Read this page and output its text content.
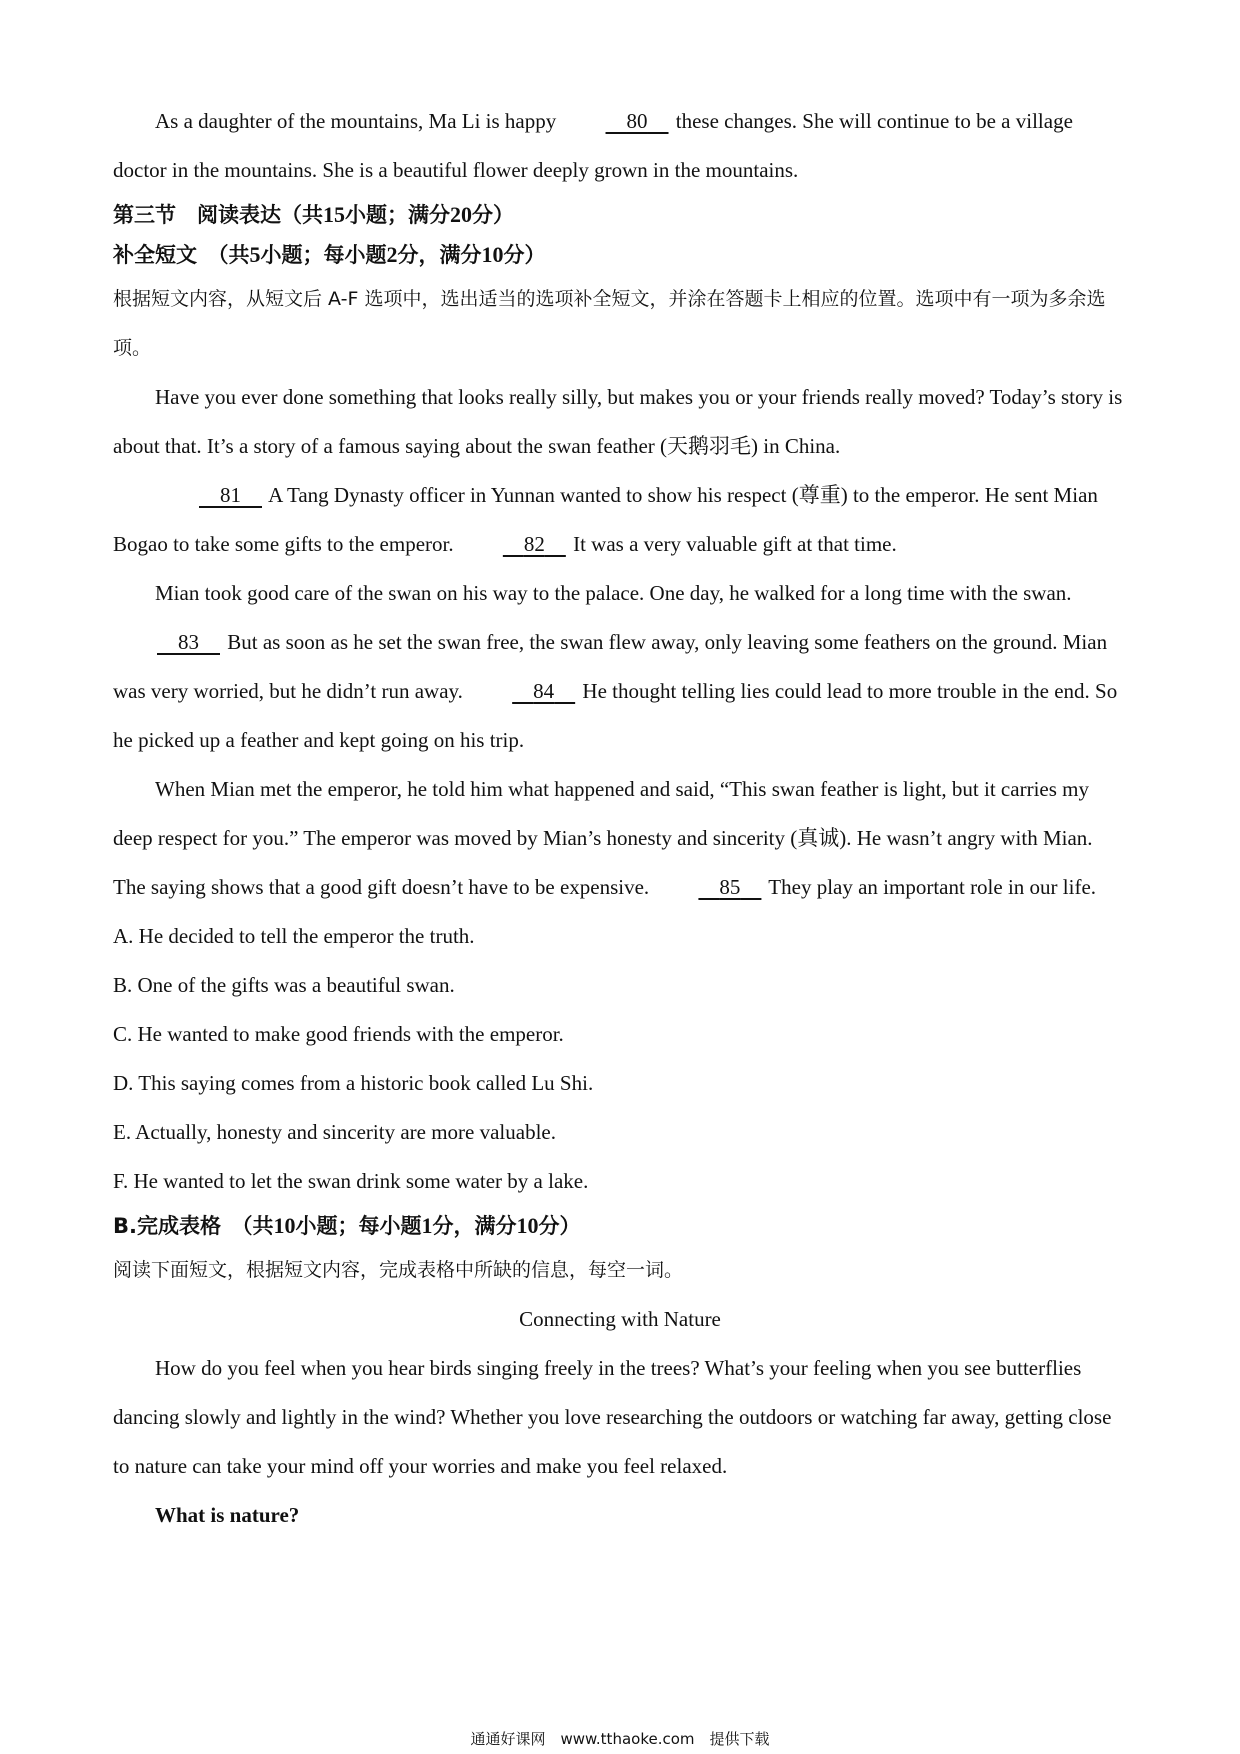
As a daughter of the mountains, Ma Li is happy	80     these changes. She will continue to be a village doctor in the mountains. She is a beautiful flower deeply grown in the mountains.

第三节　阅读表达（共15小题；满分20分）

补全短文　（共5小题；每小题2分，满分10分）

根据短文内容，从短文后 A-F 选项中，选出适当的选项补全短文，并涂在答题卡上相应的位置。选项中有一项为多余选项。

Have you ever done something that looks really silly, but makes you or your friends really moved? Today’s story is about that. It’s a story of a famous saying about the swan feather (天鹅羽毛) in China.

81     A Tang Dynasty officer in Yunnan wanted to show his respect (尊重) to the emperor. He sent Mian Bogao to take some gifts to the emperor.	82     It was a very valuable gift at that time.

Mian took good care of the swan on his way to the palace. One day, he walked for a long time with the swan.     83     But as soon as he set the swan free, the swan flew away, only leaving some feathers on the ground. Mian was very worried, but he didn’t run away.	84     He thought telling lies could lead to more trouble in the end. So he picked up a feather and kept going on his trip.

When Mian met the emperor, he told him what happened and said, “This swan feather is light, but it carries my deep respect for you.” The emperor was moved by Mian’s honesty and sincerity (真诚). He wasn’t angry with Mian. The saying shows that a good gift doesn’t have to be expensive.	85     They play an important role in our life.

A. He decided to tell the emperor the truth.

B. One of the gifts was a beautiful swan.

C. He wanted to make good friends with the emperor.

D. This saying comes from a historic book called Lu Shi.

E. Actually, honesty and sincerity are more valuable.

F. He wanted to let the swan drink some water by a lake.

B.完成表格　（共10小题；每小题1分，满分10分）

阅读下面短文，根据短文内容，完成表格中所缺的信息，每空一词。

Connecting with Nature

How do you feel when you hear birds singing freely in the trees? What’s your feeling when you see butterflies dancing slowly and lightly in the wind? Whether you love researching the outdoors or watching far away, getting close to nature can take your mind off your worries and make you feel relaxed.

What is nature?

通通好课网　www.tthaoke.com　提供下载
